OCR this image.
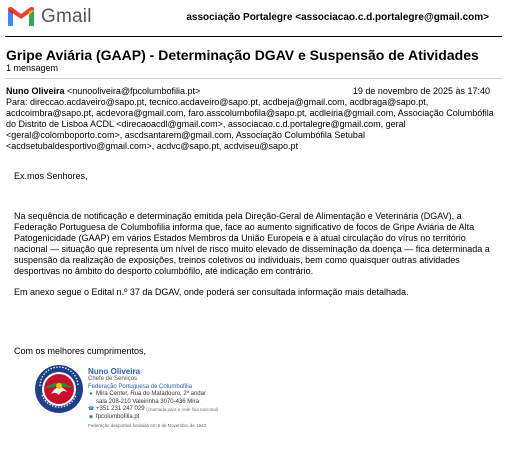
Gmail	associação Portalegre <associacao.c.d.portalegre@gmail.com>
Gripe Aviária (GAAP) - Determinação DGAV e Suspensão de Atividades
1 mensagem
Nuno Oliveira <nunooliveira@fpcolumbofilia.pt>	19 de novembro de 2025 às 17:40
Para: direccao.acdaveiro@sapo.pt, tecnico.acdaveiro@sapo.pt, acdbeja@gmail.com, acdbraga@sapo.pt, acdcoimbra@sapo.pt, acdevora@gmail.com, faro.asscolumbofila@sapo.pt, acdleiria@gmail.com, Associação Columbófila do Distrito de Lisboa ACDL <direcaoacdl@gmail.com>, associacao.c.d.portalegre@gmail.com, geral <geral@colomboporto.com>, ascdsantarem@gmail.com, Associação Columbófila Setubal <acdsetubaldesportivo@gmail.com>, acdvc@sapo.pt, acdviseu@sapo.pt
Ex.mos Senhores,
Na sequência de notificação e determinação emitida pela Direção-Geral de Alimentação e Veterinária (DGAV), a Federação Portuguesa de Columbofilia informa que, face ao aumento significativo de focos de Gripe Aviária de Alta Patogenicidade (GAAP) em vários Estados Membros da União Europeia e à atual circulação do vírus no território nacional — situação que representa um nível de risco muito elevado de disseminação da doença — fica determinada a suspensão da realização de exposições, treinos coletivos ou individuais, bem como quaisquer outras atividades desportivas no âmbito do desporto columbófilo, até indicação em contrário.
Em anexo segue o Edital n.º 37 da DGAV, onde poderá ser consultada informação mais detalhada.
Com os melhores cumprimentos,
Nuno Oliveira
Chefe de Serviços
Federação Portuguesa de Columbofilia
● Mira Center, Rua do Matadouro, 2º andar
sala 208-210 Valeirinha 3070-436 Mira
☎ +351 231 247 029
(chamada para a rede fixa nacional)
◉ fpcolumbofilia.pt
Federação desportiva fundada em 5 de Novembro de 1943
